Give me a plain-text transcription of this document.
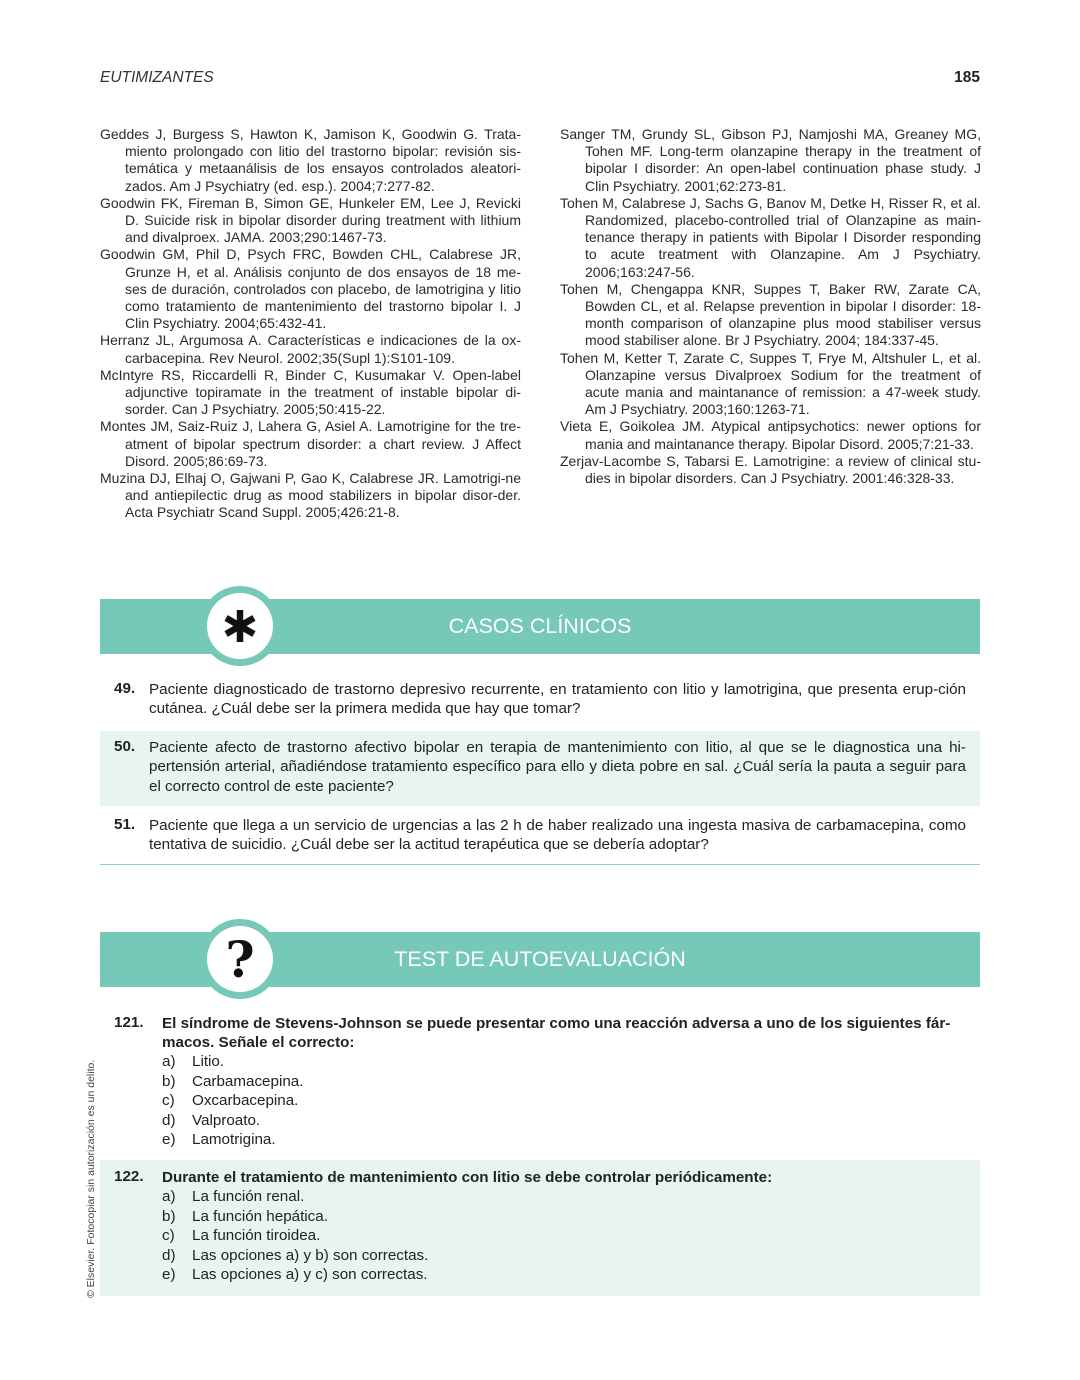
EUTIMIZANTES	185

Geddes J, Burgess S, Hawton K, Jamison K, Goodwin G. Trata-miento prolongado con litio del trastorno bipolar: revisión sis-temática y metaanálisis de los ensayos controlados aleatori-zados. Am J Psychiatry (ed. esp.). 2004;7:277-82.

Goodwin FK, Fireman B, Simon GE, Hunkeler EM, Lee J, Revicki D. Suicide risk in bipolar disorder during treatment with lithium and divalproex. JAMA. 2003;290:1467-73.

Goodwin GM, Phil D, Psych FRC, Bowden CHL, Calabrese JR, Grunze H, et al. Análisis conjunto de dos ensayos de 18 me-ses de duración, controlados con placebo, de lamotrigina y litio como tratamiento de mantenimiento del trastorno bipolar I. J Clin Psychiatry. 2004;65:432-41.

Herranz JL, Argumosa A. Características e indicaciones de la ox-carbacepina. Rev Neurol. 2002;35(Supl 1):S101-109.

McIntyre RS, Riccardelli R, Binder C, Kusumakar V. Open-label adjunctive topiramate in the treatment of instable bipolar di-sorder. Can J Psychiatry. 2005;50:415-22.

Montes JM, Saiz-Ruiz J, Lahera G, Asiel A. Lamotrigine for the tre-atment of bipolar spectrum disorder: a chart review. J Affect Disord. 2005;86:69-73.

Muzina DJ, Elhaj O, Gajwani P, Gao K, Calabrese JR. Lamotrigi-ne and antiepilectic drug as mood stabilizers in bipolar disor-der. Acta Psychiatr Scand Suppl. 2005;426:21-8.

Sanger TM, Grundy SL, Gibson PJ, Namjoshi MA, Greaney MG, Tohen MF. Long-term olanzapine therapy in the treatment of bipolar I disorder: An open-label continuation phase study. J Clin Psychiatry. 2001;62:273-81.

Tohen M, Calabrese J, Sachs G, Banov M, Detke H, Risser R, et al. Randomized, placebo-controlled trial of Olanzapine as main-tenance therapy in patients with Bipolar I Disorder responding to acute treatment with Olanzapine. Am J Psychiatry. 2006;163:247-56.

Tohen M, Chengappa KNR, Suppes T, Baker RW, Zarate CA, Bowden CL, et al. Relapse prevention in bipolar I disorder: 18-month comparison of olanzapine plus mood stabiliser versus mood stabiliser alone. Br J Psychiatry. 2004; 184:337-45.

Tohen M, Ketter T, Zarate C, Suppes T, Frye M, Altshuler L, et al. Olanzapine versus Divalproex Sodium for the treatment of acute mania and maintanance of remission: a 47-week study. Am J Psychiatry. 2003;160:1263-71.

Vieta E, Goikolea JM. Atypical antipsychotics: newer options for mania and maintanance therapy. Bipolar Disord. 2005;7:21-33.

Zerjav-Lacombe S, Tabarsi E. Lamotrigine: a review of clinical stu-dies in bipolar disorders. Can J Psychiatry. 2001:46:328-33.

CASOS CLÍNICOS
49. Paciente diagnosticado de trastorno depresivo recurrente, en tratamiento con litio y lamotrigina, que presenta erup-ción cutánea. ¿Cuál debe ser la primera medida que hay que tomar?
50. Paciente afecto de trastorno afectivo bipolar en terapia de mantenimiento con litio, al que se le diagnostica una hi-pertensión arterial, añadiéndose tratamiento específico para ello y dieta pobre en sal. ¿Cuál sería la pauta a seguir para el correcto control de este paciente?
51. Paciente que llega a un servicio de urgencias a las 2 h de haber realizado una ingesta masiva de carbamacepina, como tentativa de suicidio. ¿Cuál debe ser la actitud terapéutica que se debería adoptar?
TEST DE AUTOEVALUACIÓN
?
121. El síndrome de Stevens-Johnson se puede presentar como una reacción adversa a uno de los siguientes fár-macos. Señale el correcto:
a) Litio.
b) Carbamacepina.
c) Oxcarbacepina.
d) Valproato.
e) Lamotrigina.
122. Durante el tratamiento de mantenimiento con litio se debe controlar periódicamente:
a) La función renal.
b) La función hepática.
c) La función tiroidea.
d) Las opciones a) y b) son correctas.
e) Las opciones a) y c) son correctas.
© Elsevier. Fotocopiar sin autorización es un delito.
